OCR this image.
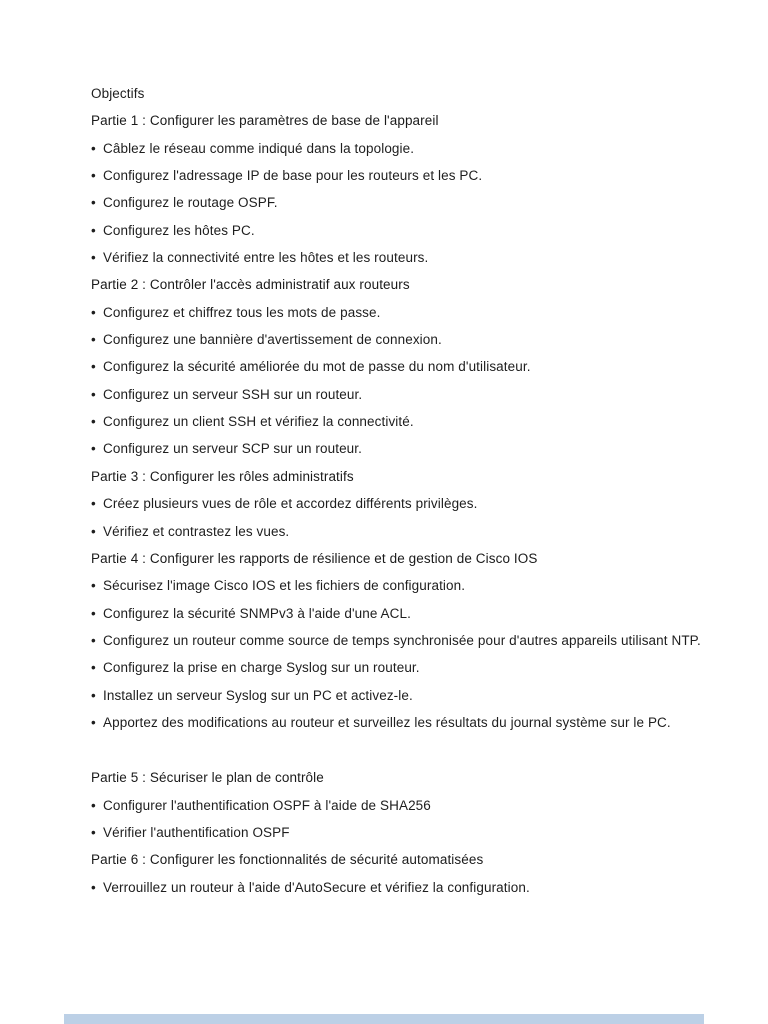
Objectifs
Partie 1 : Configurer les paramètres de base de l'appareil
• Câblez le réseau comme indiqué dans la topologie.
• Configurez l'adressage IP de base pour les routeurs et les PC.
• Configurez le routage OSPF.
• Configurez les hôtes PC.
• Vérifiez la connectivité entre les hôtes et les routeurs.
Partie 2 : Contrôler l'accès administratif aux routeurs
• Configurez et chiffrez tous les mots de passe.
• Configurez une bannière d'avertissement de connexion.
• Configurez la sécurité améliorée du mot de passe du nom d'utilisateur.
• Configurez un serveur SSH sur un routeur.
• Configurez un client SSH et vérifiez la connectivité.
• Configurez un serveur SCP sur un routeur.
Partie 3 : Configurer les rôles administratifs
• Créez plusieurs vues de rôle et accordez différents privilèges.
• Vérifiez et contrastez les vues.
Partie 4 : Configurer les rapports de résilience et de gestion de Cisco IOS
• Sécurisez l'image Cisco IOS et les fichiers de configuration.
• Configurez la sécurité SNMPv3 à l'aide d'une ACL.
• Configurez un routeur comme source de temps synchronisée pour d'autres appareils utilisant NTP.
• Configurez la prise en charge Syslog sur un routeur.
• Installez un serveur Syslog sur un PC et activez-le.
• Apportez des modifications au routeur et surveillez les résultats du journal système sur le PC.
Partie 5 : Sécuriser le plan de contrôle
• Configurer l'authentification OSPF à l'aide de SHA256
• Vérifier l'authentification OSPF
Partie 6 : Configurer les fonctionnalités de sécurité automatisées
• Verrouillez un routeur à l'aide d'AutoSecure et vérifiez la configuration.
